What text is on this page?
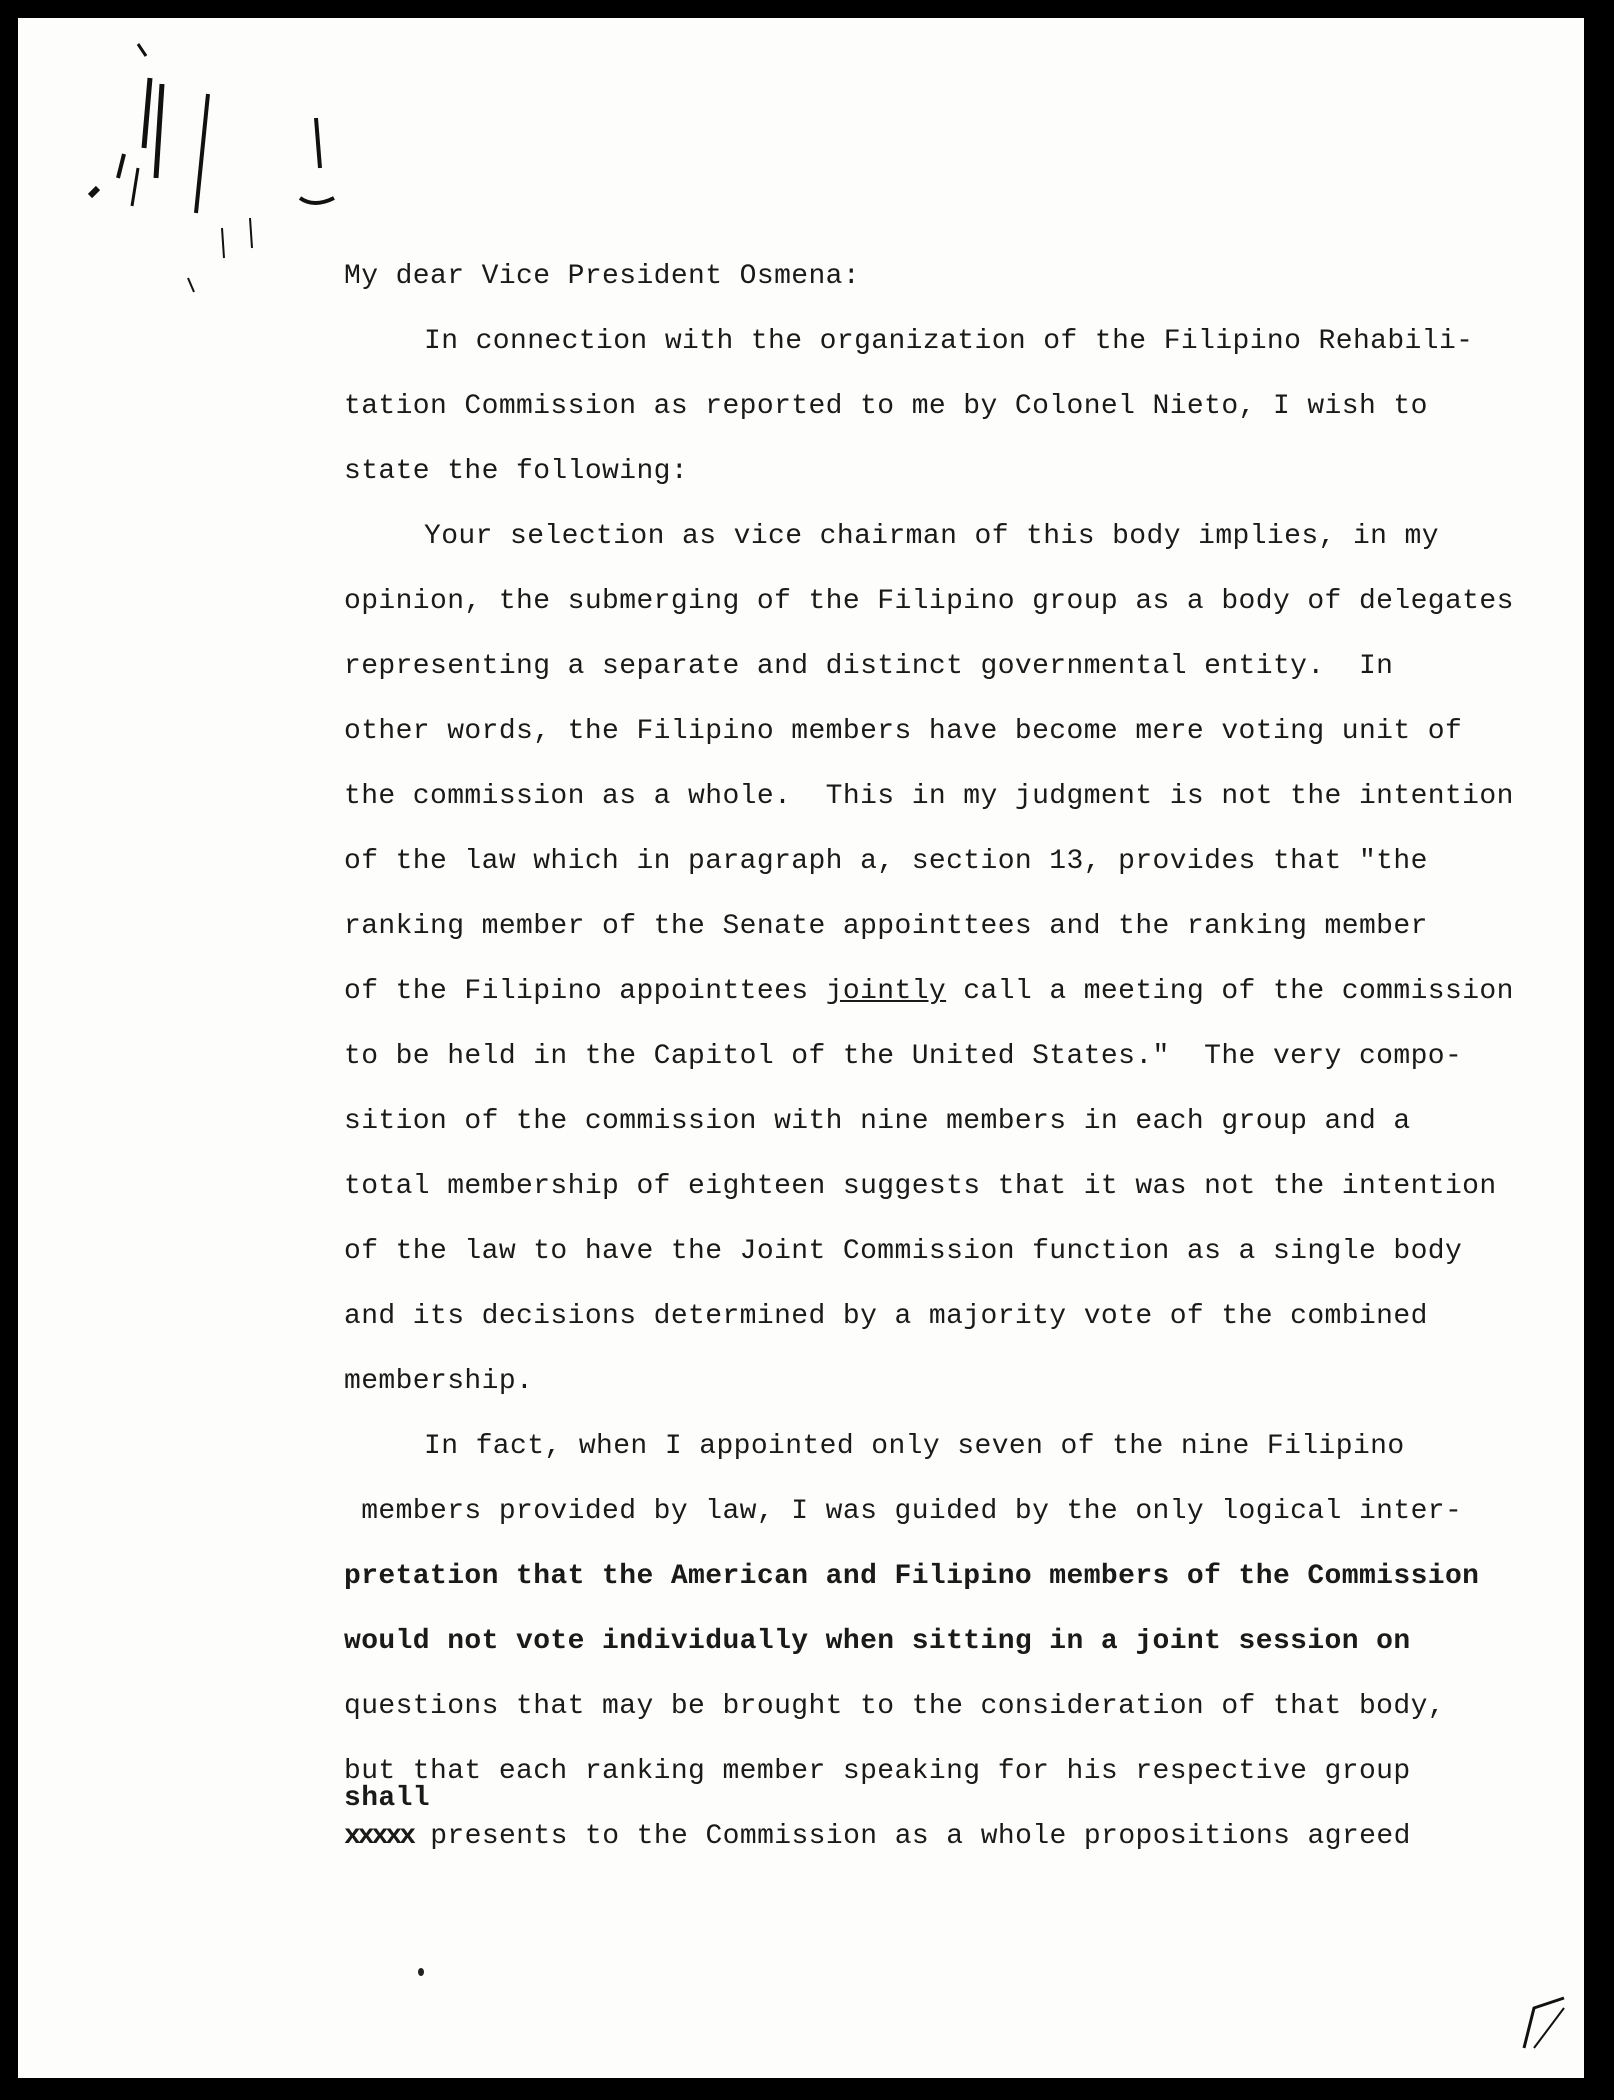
My dear Vice President Osmena:
In connection with the organization of the Filipino Rehabili-
tation Commission as reported to me by Colonel Nieto, I wish to
state the following:
Your selection as vice chairman of this body implies, in my
opinion, the submerging of the Filipino group as a body of delegates
representing a separate and distinct governmental entity.  In
other words, the Filipino members have become mere voting unit of
the commission as a whole.  This in my judgment is not the intention
of the law which in paragraph a, section 13, provides that "the
ranking member of the Senate appointtees and the ranking member
of the Filipino appointtees jointly call a meeting of the commission
to be held in the Capitol of the United States."  The very compo-
sition of the commission with nine members in each group and a
total membership of eighteen suggests that it was not the intention
of the law to have the Joint Commission function as a single body
and its decisions determined by a majority vote of the combined
membership.
In fact, when I appointed only seven of the nine Filipino
members provided by law, I was guided by the only logical inter-
pretation that the American and Filipino members of the Commission
would not vote individually when sitting in a joint session on
questions that may be brought to the consideration of that body,
but that each ranking member speaking for his respective group
shall
xxxxx presents to the Commission as a whole propositions agreed
